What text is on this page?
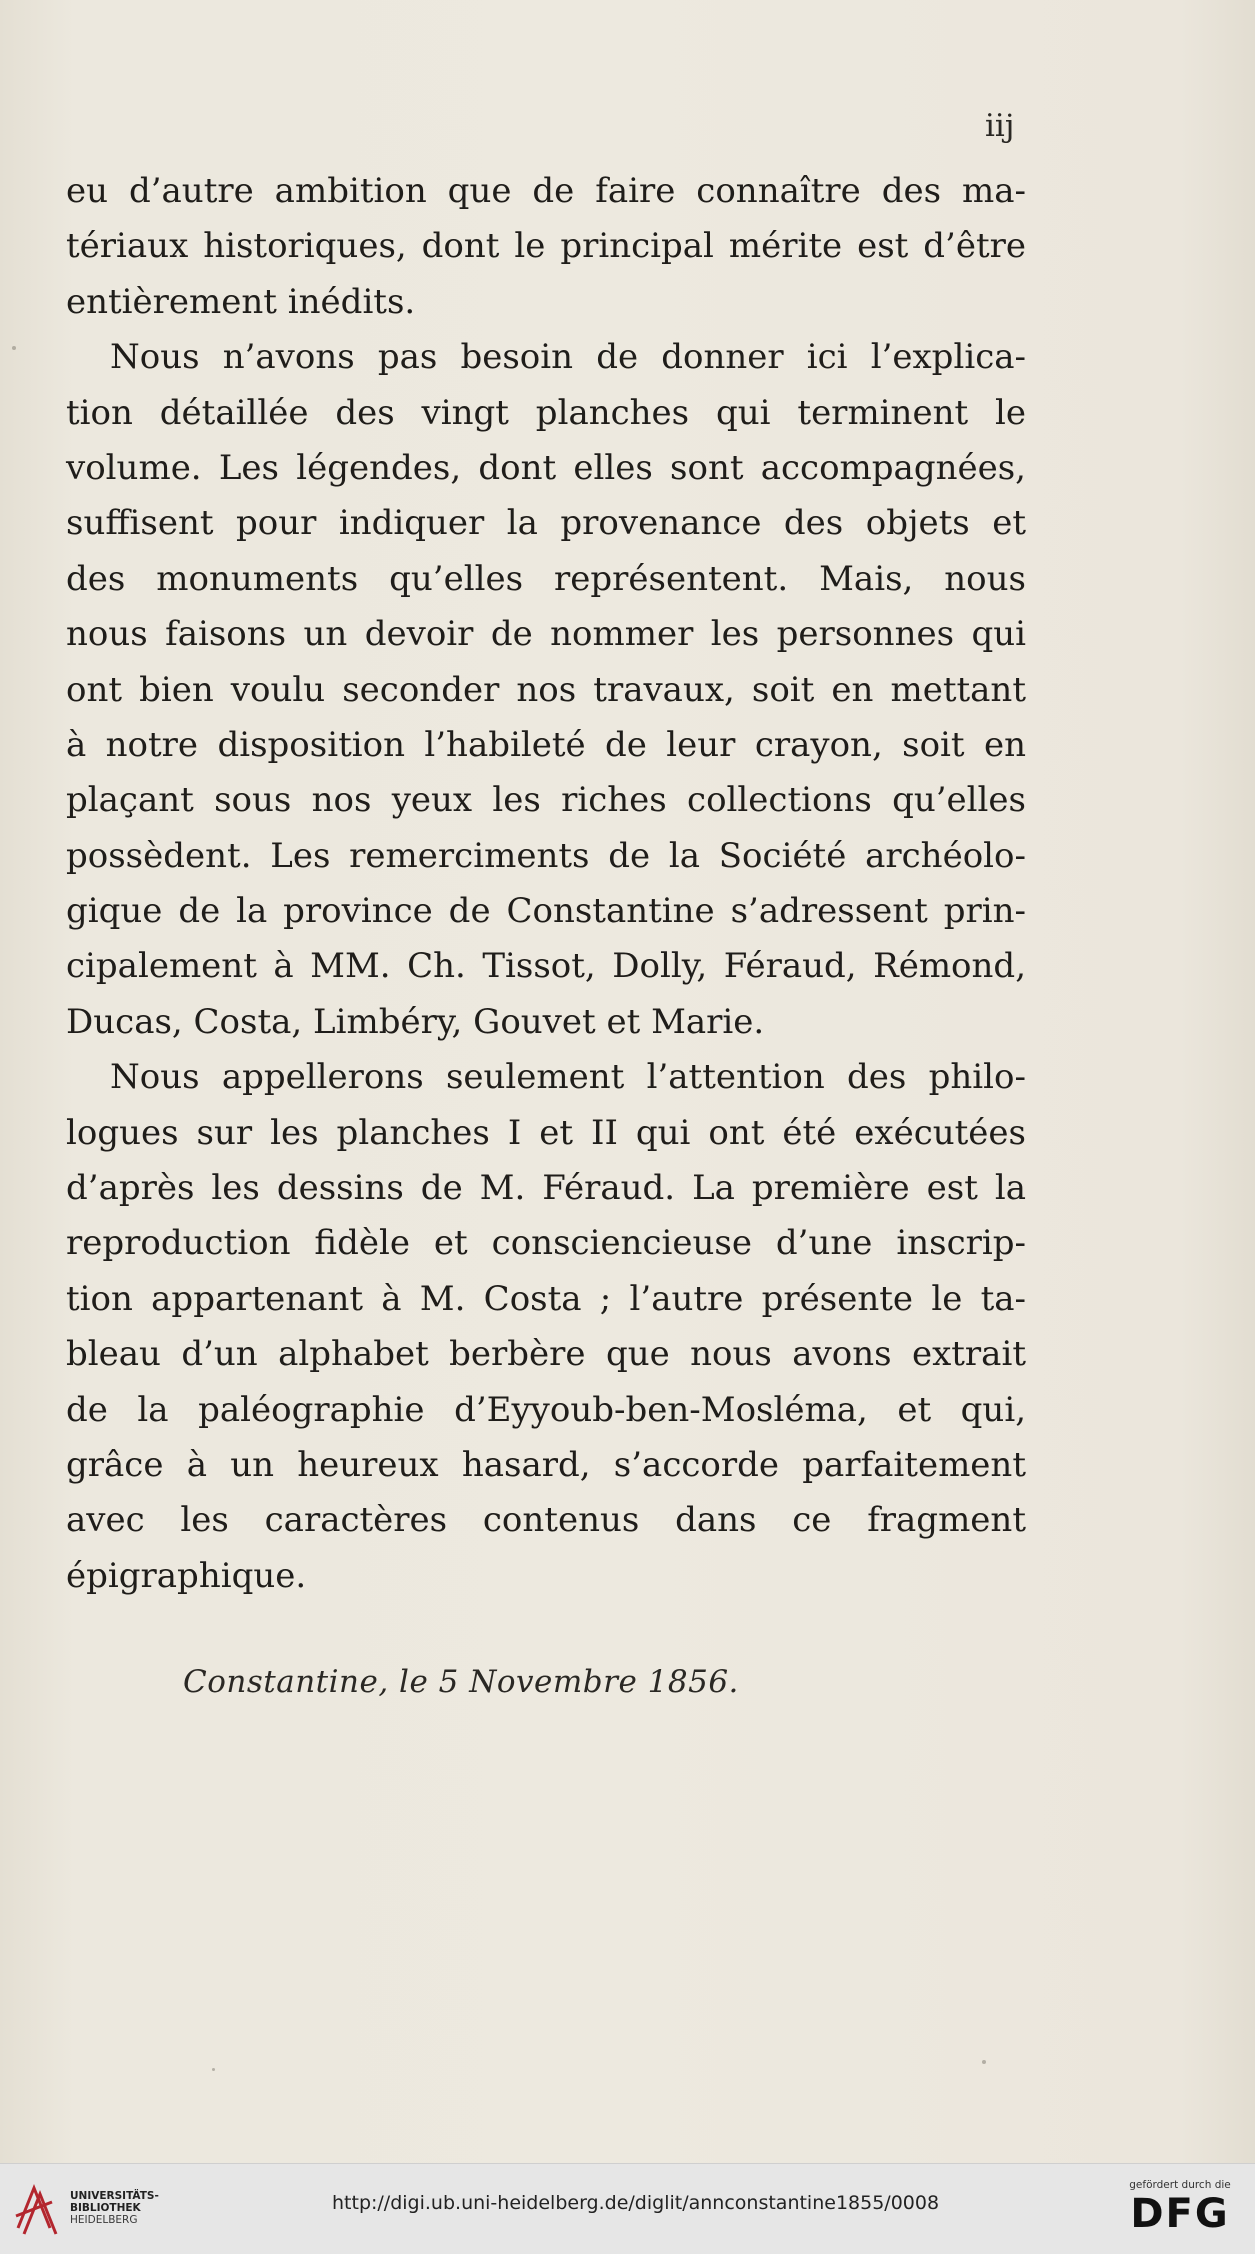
iij
eu d’autre ambition que de faire connaître des ma-
tériaux historiques, dont le principal mérite est d’être
entièrement inédits.
Nous n’avons pas besoin de donner ici l’explica-
tion détaillée des vingt planches qui terminent le
volume. Les légendes, dont elles sont accompagnées,
suffisent pour indiquer la provenance des objets et
des monuments qu’elles représentent. Mais, nous
nous faisons un devoir de nommer les personnes qui
ont bien voulu seconder nos travaux, soit en mettant
à notre disposition l’habileté de leur crayon, soit en
plaçant sous nos yeux les riches collections qu’elles
possèdent. Les remerciments de la Société archéolo-
gique de la province de Constantine s’adressent prin-
cipalement à MM. Ch. Tissot, Dolly, Féraud, Rémond,
Ducas, Costa, Limbéry, Gouvet et Marie.
Nous appellerons seulement l’attention des philo-
logues sur les planches I et II qui ont été exécutées
d’après les dessins de M. Féraud. La première est la
reproduction fidèle et consciencieuse d’une inscrip-
tion appartenant à M. Costa ; l’autre présente le ta-
bleau d’un alphabet berbère que nous avons extrait
de la paléographie d’Eyyoub-ben-Mosléma, et qui,
grâce à un heureux hasard, s’accorde parfaitement
avec les caractères contenus dans ce fragment
épigraphique.
Constantine, le 5 Novembre 1856.
UNIVERSITÄTS-
BIBLIOTHEK
HEIDELBERG
http://digi.ub.uni-heidelberg.de/diglit/annconstantine1855/0008
gefördert durch die
DFG
